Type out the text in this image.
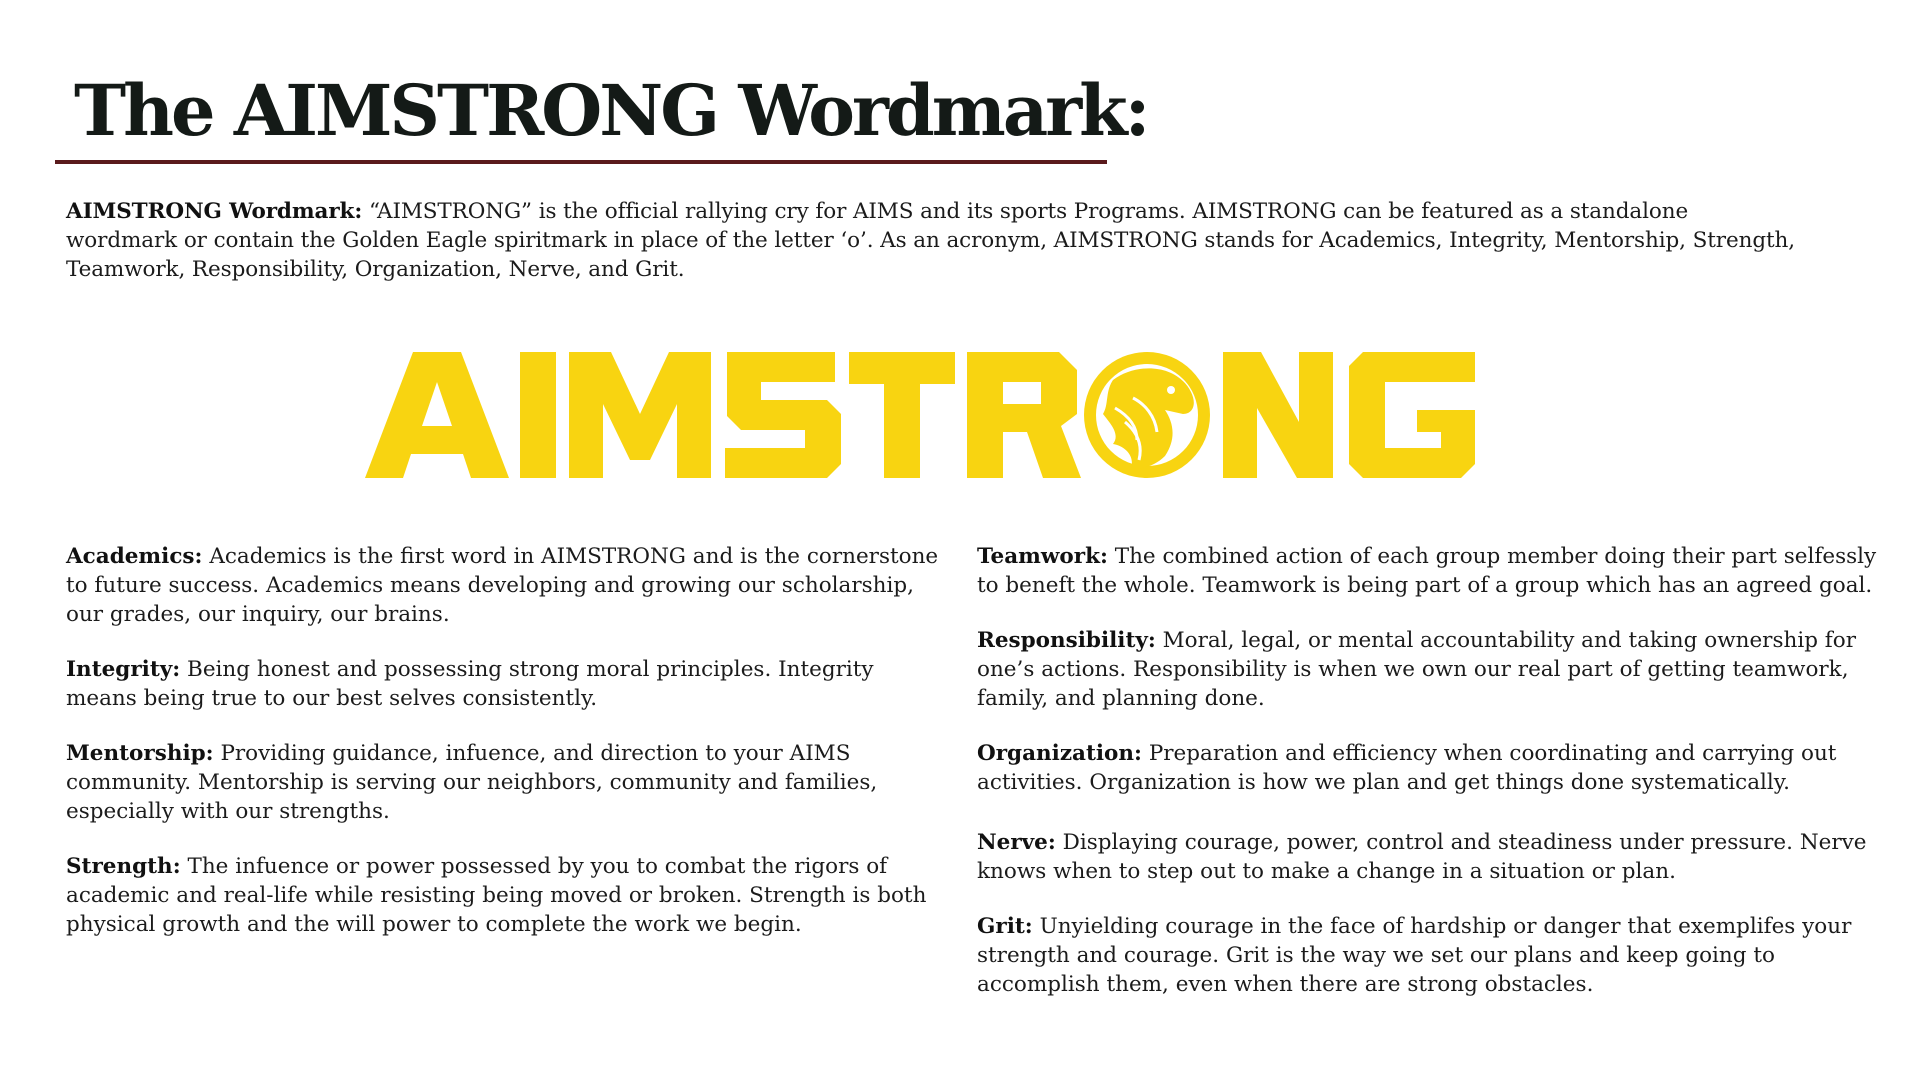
The AIMSTRONG Wordmark:

AIMSTRONG Wordmark: “AIMSTRONG” is the official rallying cry for AIMS and its sports Programs. AIMSTRONG can be featured as a standalone wordmark or contain the Golden Eagle spiritmark in place of the letter ‘o’. As an acronym, AIMSTRONG stands for Academics, Integrity, Mentorship, Strength, Teamwork, Responsibility, Organization, Nerve, and Grit.

Academics: Academics is the first word in AIMSTRONG and is the cornerstone to future success. Academics means developing and growing our scholarship, our grades, our inquiry, our brains.

Integrity: Being honest and possessing strong moral principles. Integrity means being true to our best selves consistently.

Mentorship: Providing guidance, infuence, and direction to your AIMS community. Mentorship is serving our neighbors, community and families, especially with our strengths.

Strength: The infuence or power possessed by you to combat the rigors of academic and real-life while resisting being moved or broken. Strength is both physical growth and the will power to complete the work we begin.

Teamwork: The combined action of each group member doing their part selfessly to beneft the whole. Teamwork is being part of a group which has an agreed goal.

Responsibility: Moral, legal, or mental accountability and taking ownership for one’s actions. Responsibility is when we own our real part of getting teamwork, family, and planning done.

Organization: Preparation and efficiency when coordinating and carrying out activities. Organization is how we plan and get things done systematically.

Nerve: Displaying courage, power, control and steadiness under pressure. Nerve knows when to step out to make a change in a situation or plan.

Grit: Unyielding courage in the face of hardship or danger that exemplifes your strength and courage. Grit is the way we set our plans and keep going to accomplish them, even when there are strong obstacles.
